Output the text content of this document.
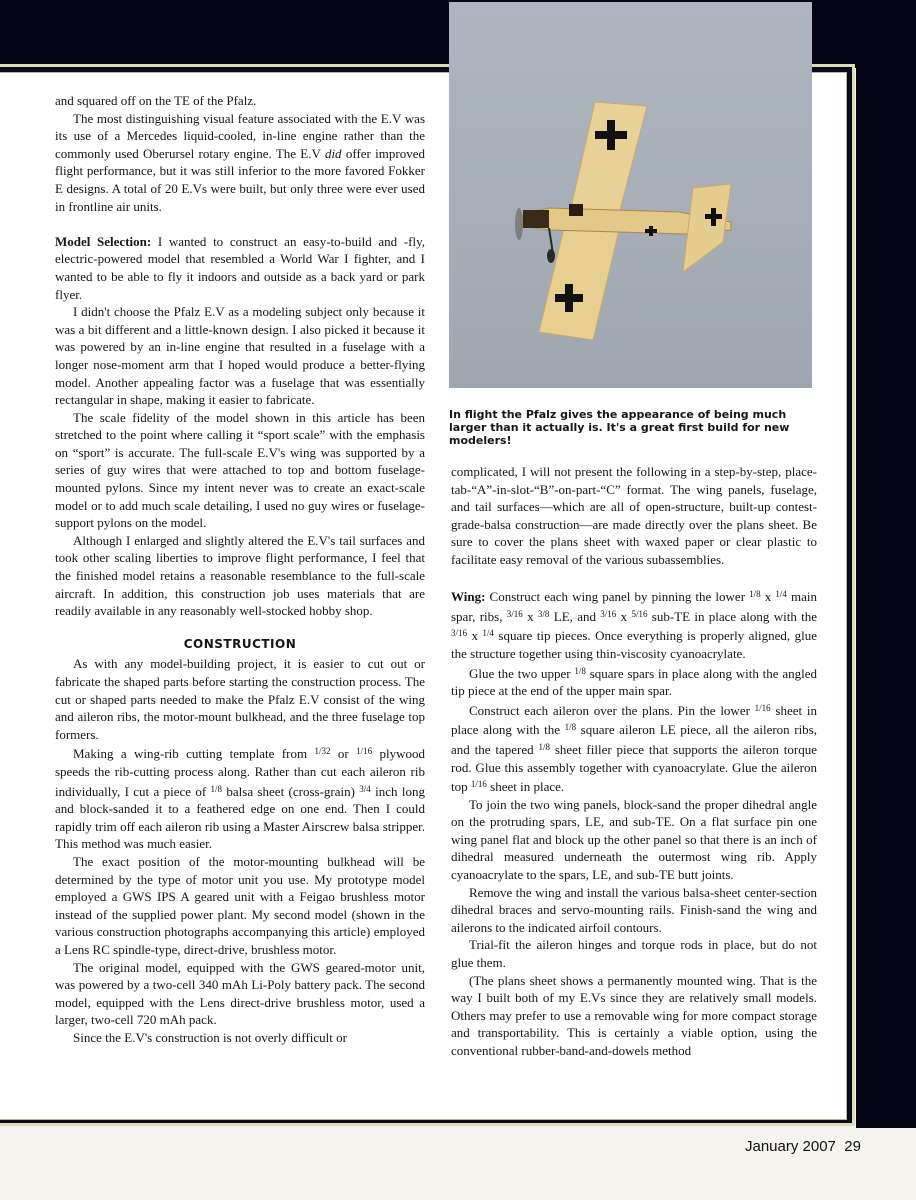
In flight the Pfalz gives the appearance of being much larger than it actually is. It's a great first build for new modelers!

and squared off on the TE of the Pfalz.

The most distinguishing visual feature associated with the E.V was its use of a Mercedes liquid-cooled, in-line engine rather than the commonly used Oberursel rotary engine. The E.V did offer improved flight performance, but it was still inferior to the more favored Fokker E designs. A total of 20 E.Vs were built, but only three were ever used in frontline air units.

Model Selection: I wanted to construct an easy-to-build and -fly, electric-powered model that resembled a World War I fighter, and I wanted to be able to fly it indoors and outside as a back yard or park flyer.

I didn't choose the Pfalz E.V as a modeling subject only because it was a bit different and a little-known design. I also picked it because it was powered by an in-line engine that resulted in a fuselage with a longer nose-moment arm that I hoped would produce a better-flying model. Another appealing factor was a fuselage that was essentially rectangular in shape, making it easier to fabricate.

The scale fidelity of the model shown in this article has been stretched to the point where calling it “sport scale” with the emphasis on “sport” is accurate. The full-scale E.V's wing was supported by a series of guy wires that were attached to top and bottom fuselage-mounted pylons. Since my intent never was to create an exact-scale model or to add much scale detailing, I used no guy wires or fuselage-support pylons on the model.

Although I enlarged and slightly altered the E.V's tail surfaces and took other scaling liberties to improve flight performance, I feel that the finished model retains a reasonable resemblance to the full-scale aircraft. In addition, this construction job uses materials that are readily available in any reasonably well-stocked hobby shop.

CONSTRUCTION

As with any model-building project, it is easier to cut out or fabricate the shaped parts before starting the construction process. The cut or shaped parts needed to make the Pfalz E.V consist of the wing and aileron ribs, the motor-mount bulkhead, and the three fuselage top formers.

Making a wing-rib cutting template from $^{1/32}$ or $^{1/16}$ plywood speeds the rib-cutting process along. Rather than cut each aileron rib individually, I cut a piece of $^{1/8}$ balsa sheet (cross-grain) $^{3/4}$ inch long and block-sanded it to a feathered edge on one end. Then I could rapidly trim off each aileron rib using a Master Airscrew balsa stripper. This method was much easier.

The exact position of the motor-mounting bulkhead will be determined by the type of motor unit you use. My prototype model employed a GWS IPS A geared unit with a Feigao brushless motor instead of the supplied power plant. My second model (shown in the various construction photographs accompanying this article) employed a Lens RC spindle-type, direct-drive, brushless motor.

The original model, equipped with the GWS geared-motor unit, was powered by a two-cell 340 mAh Li-Poly battery pack. The second model, equipped with the Lens direct-drive brushless motor, used a larger, two-cell 720 mAh pack.

Since the E.V's construction is not overly difficult or

complicated, I will not present the following in a step-by-step, place-tab-“A”-in-slot-“B”-on-part-“C” format. The wing panels, fuselage, and tail surfaces—which are all of open-structure, built-up contest-grade-balsa construction—are made directly over the plans sheet. Be sure to cover the plans sheet with waxed paper or clear plastic to facilitate easy removal of the various subassemblies.

Wing: Construct each wing panel by pinning the lower $^{1/8}$ x $^{1/4}$ main spar, ribs, $^{3/16}$ x $^{3/8}$ LE, and $^{3/16}$ x $^{5/16}$ sub-TE in place along with the $^{3/16}$ x $^{1/4}$ square tip pieces. Once everything is properly aligned, glue the structure together using thin-viscosity cyanoacrylate.

Glue the two upper $^{1/8}$ square spars in place along with the angled tip piece at the end of the upper main spar.

Construct each aileron over the plans. Pin the lower $^{1/16}$ sheet in place along with the $^{1/8}$ square aileron LE piece, all the aileron ribs, and the tapered $^{1/8}$ sheet filler piece that supports the aileron torque rod. Glue this assembly together with cyanoacrylate. Glue the aileron top $^{1/16}$ sheet in place.

To join the two wing panels, block-sand the proper dihedral angle on the protruding spars, LE, and sub-TE. On a flat surface pin one wing panel flat and block up the other panel so that there is an inch of dihedral measured underneath the outermost wing rib. Apply cyanoacrylate to the spars, LE, and sub-TE butt joints.

Remove the wing and install the various balsa-sheet center-section dihedral braces and servo-mounting rails. Finish-sand the wing and ailerons to the indicated airfoil contours.

Trial-fit the aileron hinges and torque rods in place, but do not glue them.

(The plans sheet shows a permanently mounted wing. That is the way I built both of my E.Vs since they are relatively small models. Others may prefer to use a removable wing for more compact storage and transportability. This is certainly a viable option, using the conventional rubber-band-and-dowels method

January 2007 29
